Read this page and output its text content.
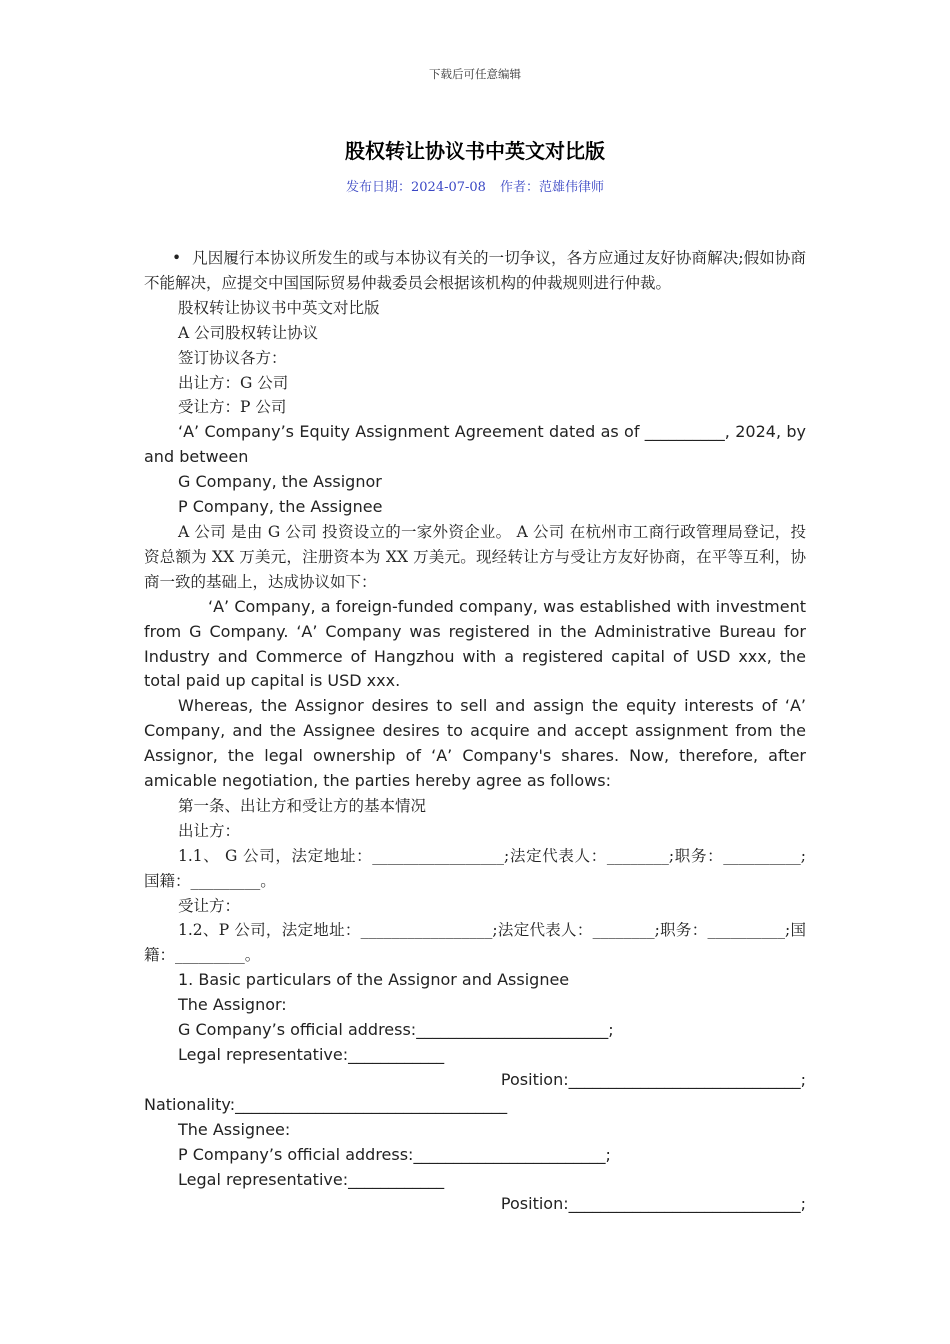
下载后可任意编辑
股权转让协议书中英文对比版
发布日期：2024-07-08 作者：范雄伟律师

• 凡因履行本协议所发生的或与本协议有关的一切争议，各方应通过友好协商解决;假如协商不能解决，应提交中国国际贸易仲裁委员会根据该机构的仲裁规则进行仲裁。

股权转让协议书中英文对比版

A 公司股权转让协议

签订协议各方：

出让方：G 公司

受让方：P 公司

‘A’ Company’s Equity Assignment Agreement dated as of __________, 2024, by and between

G Company, the Assignor

P Company, the Assignee

A 公司 是由 G 公司 投资设立的一家外资企业。 A 公司 在杭州市工商行政管理局登记，投资总额为 XX 万美元，注册资本为 XX 万美元。现经转让方与受让方友好协商，在平等互利，协商一致的基础上，达成协议如下：

‘A’ Company, a foreign-funded company, was established with investment from G Company. ‘A’ Company was registered in the Administrative Bureau for Industry and Commerce of Hangzhou with a registered capital of USD xxx, the total paid up capital is USD xxx.

Whereas, the Assignor desires to sell and assign the equity interests of ‘A’ Company, and the Assignee desires to acquire and accept assignment from the Assignor, the legal ownership of ‘A’ Company's shares. Now, therefore, after amicable negotiation, the parties hereby agree as follows:

第一条、出让方和受让方的基本情况

出让方：

1.1、 G 公司，法定地址：_________________;法定代表人：________;职务：__________;国籍：_________。

受让方：

1.2、P 公司，法定地址：_________________;法定代表人：________;职务：__________;国籍：_________。

1. Basic particulars of the Assignor and Assignee

The Assignor:

G Company’s official address:________________________;

Legal representative:____________

Position:_____________________________;

Nationality:__________________________________

The Assignee:

P Company’s official address:________________________;

Legal representative:____________

Position:_____________________________;
